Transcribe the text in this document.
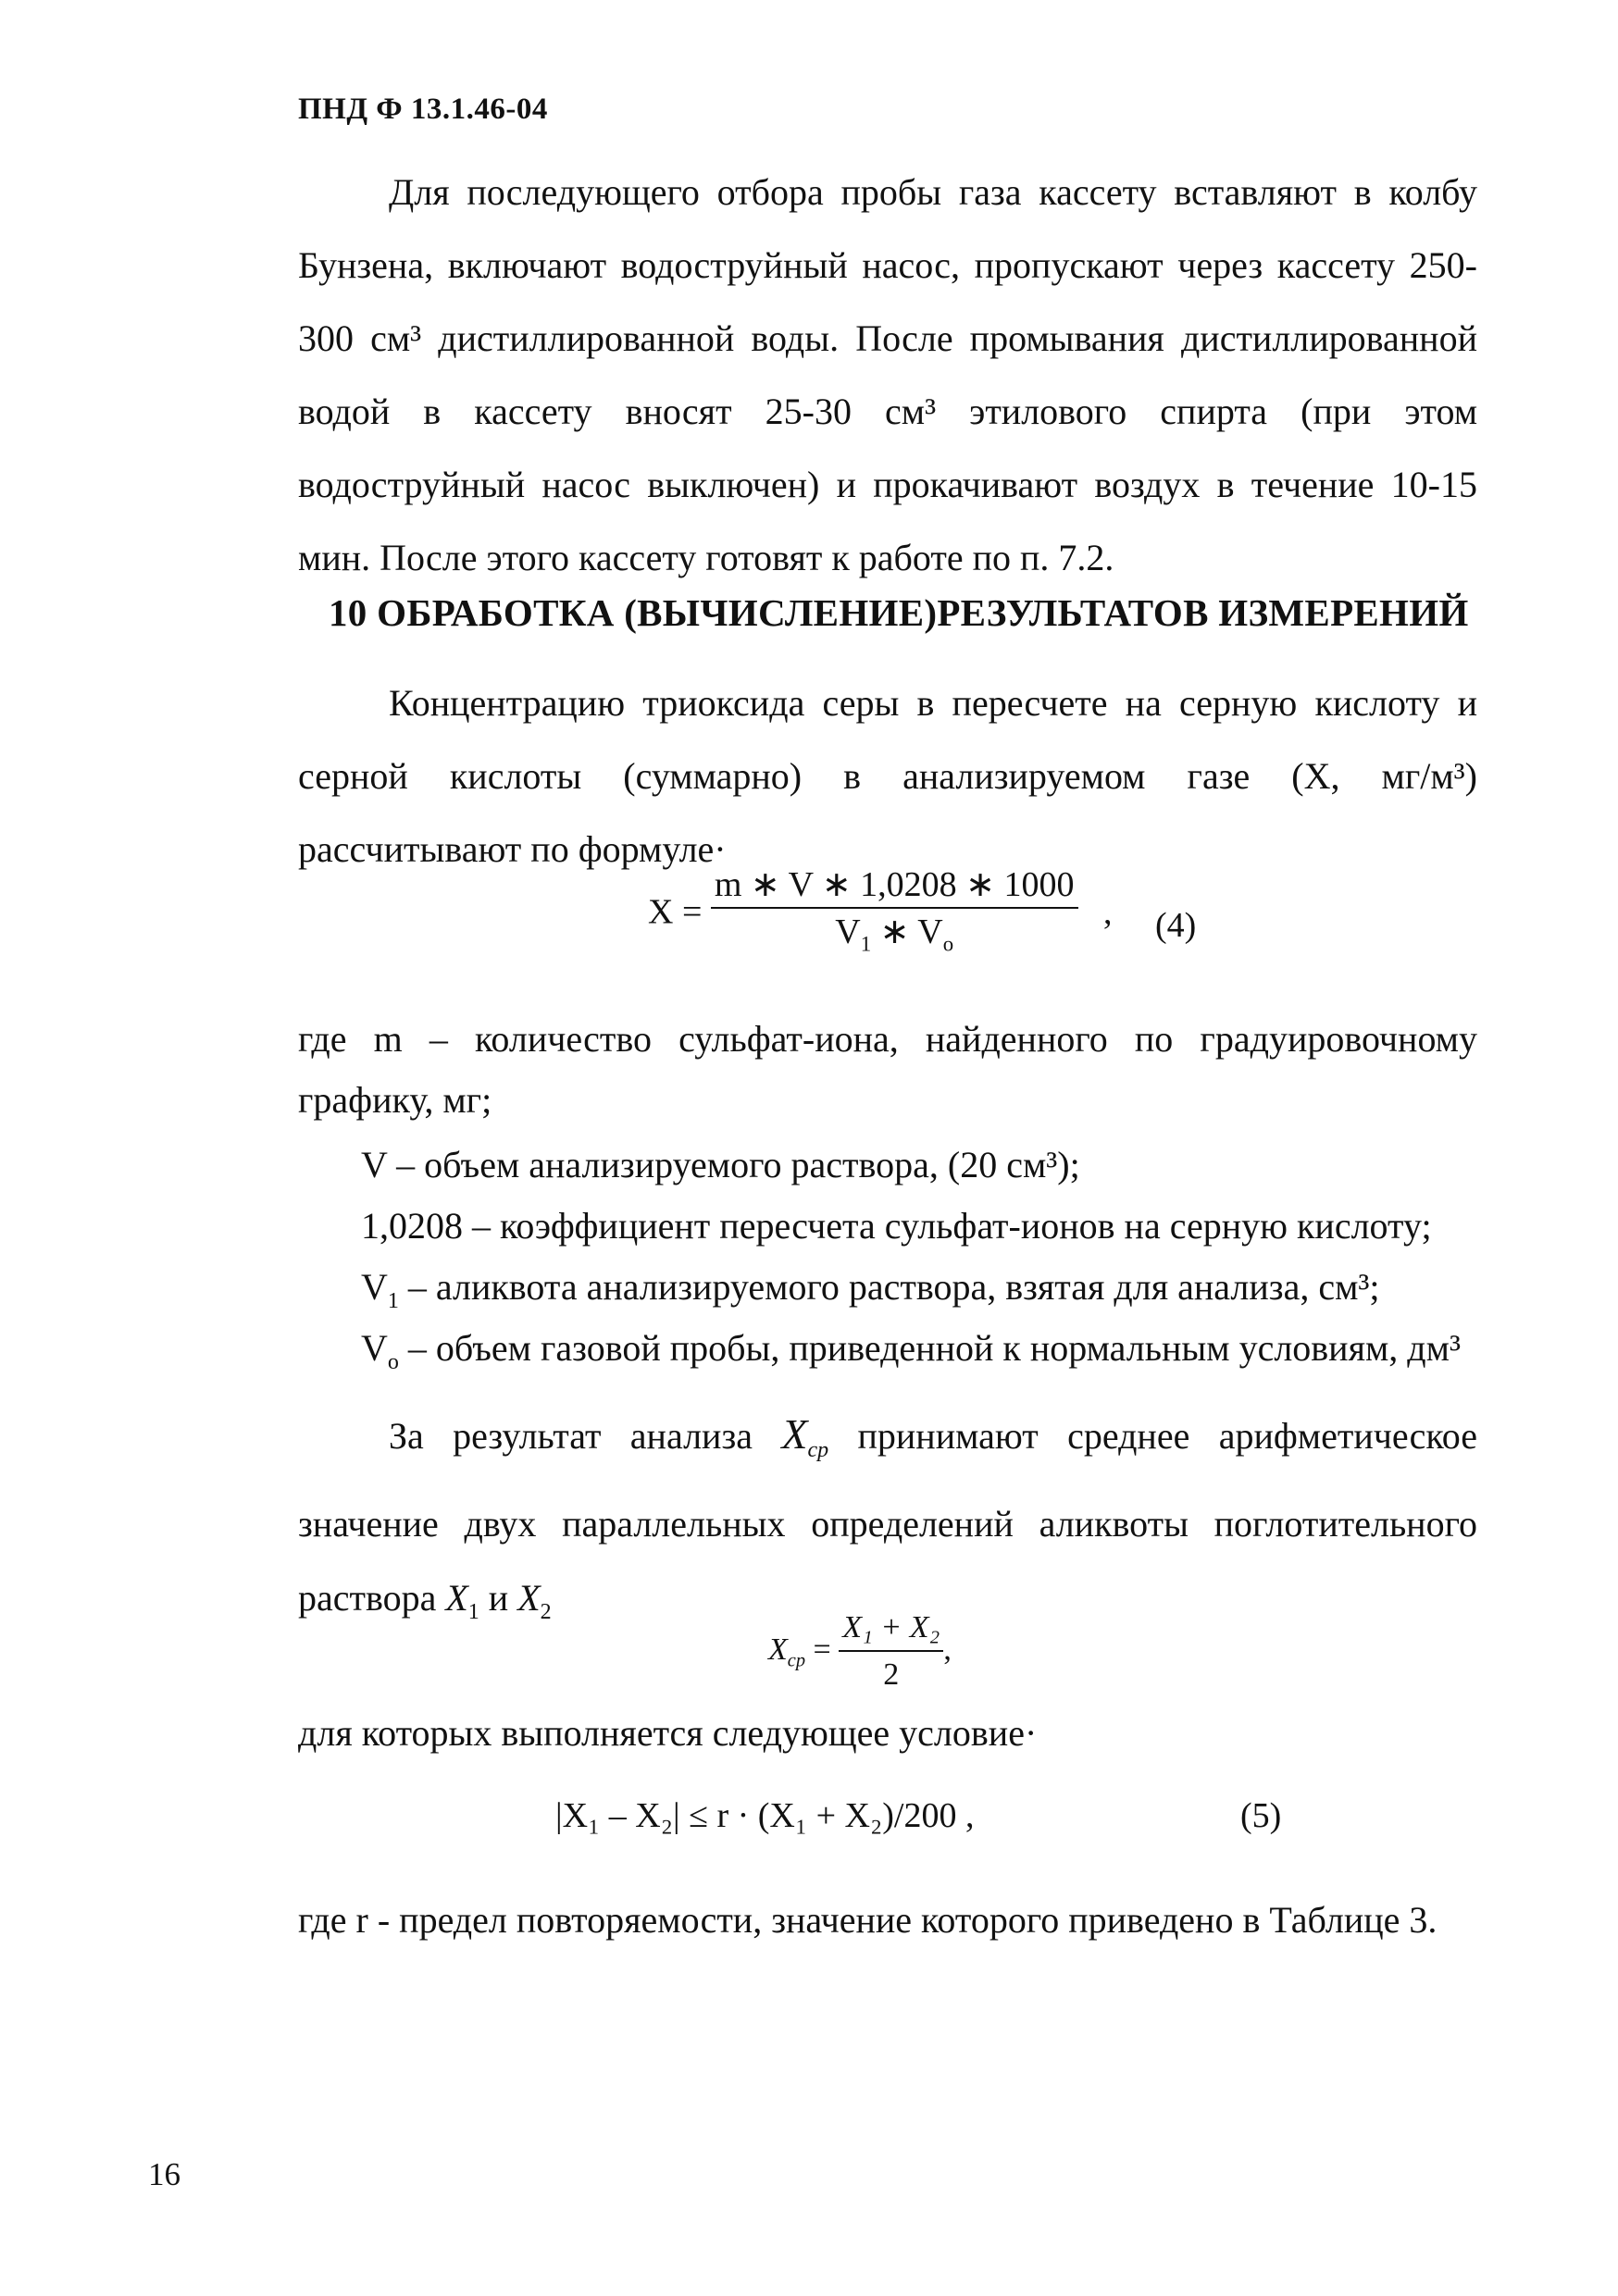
ПНД Ф 13.1.46-04

Для последующего отбора пробы газа кассету вставляют в колбу Бунзена, включают водоструйный насос, пропускают через кассету 250-300 см³ дистиллированной воды. После промывания дистиллированной водой в кассету вносят 25-30 см³ этилового спирта (при этом водоструйный насос выключен) и прокачивают воздух в течение 10-15 мин. После этого кассету готовят к работе по п. 7.2.

10 ОБРАБОТКА (ВЫЧИСЛЕНИЕ)РЕЗУЛЬТАТОВ ИЗМЕРЕНИЙ

Концентрацию триоксида серы в пересчете на серную кислоту и серной кислоты (суммарно) в анализируемом газе (X, мг/м³) рассчитывают по формуле·

$X = \frac{m ∗ V ∗ 1,0208 ∗ 1000}{V_1 ∗ V_o}$ , (4)

где m – количество сульфат-иона, найденного по градуировочному графику, мг;

V – объем анализируемого раствора, (20 см³);
1,0208 – коэффициент пересчета сульфат-ионов на серную кислоту;
$V_1$ – аликвота анализируемого раствора, взятая для анализа, см³;
$V_o$ – объем газовой пробы, приведенной к нормальным условиям, дм³

За результат анализа $X_{ср}$ принимают среднее арифметическое значение двух параллельных определений аликвоты поглотительного раствора $X_1$ и $X_2$

$X_{ср} = \frac{\text{X₁ + X₂}}{2}$ ,
для которых выполняется следующее условие·
|X₁ – X₂| ≤ r · (X₁ + X₂)/200 ,	(5)
где r - предел повторяемости, значение которого приведено в Таблице 3.
16
